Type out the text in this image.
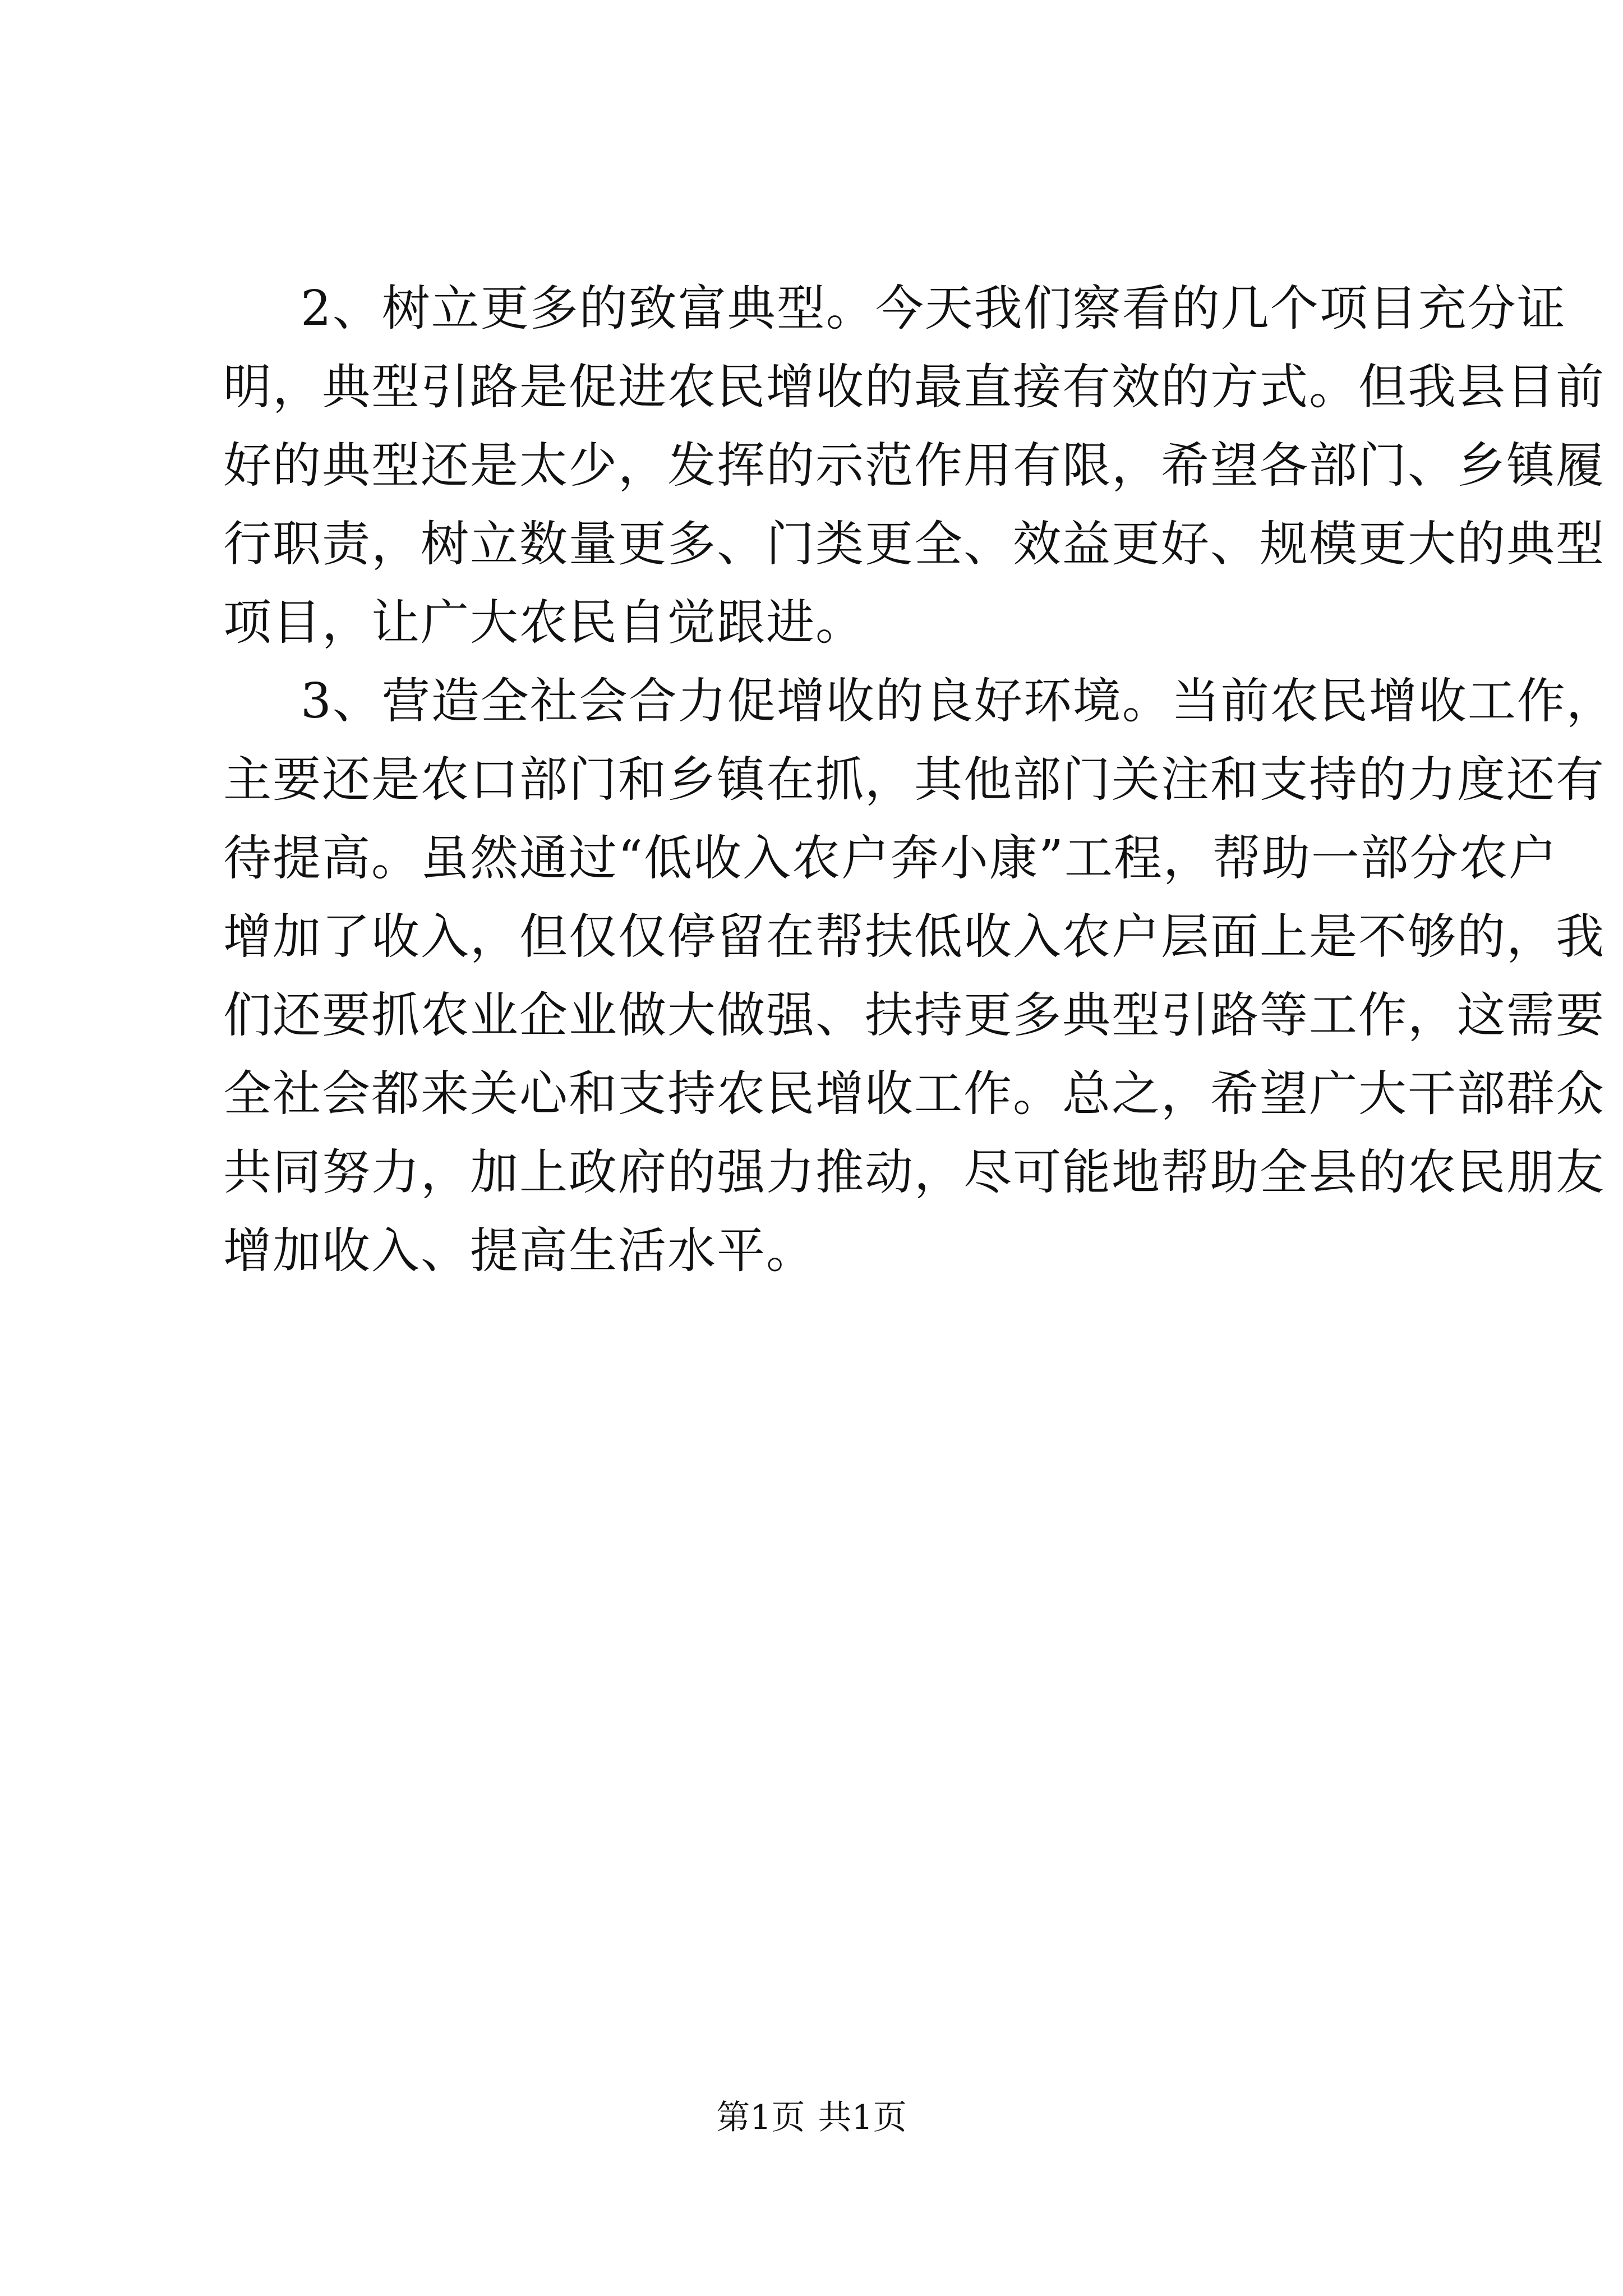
2、树立更多的致富典型。今天我们察看的几个项目充分证
明，典型引路是促进农民增收的最直接有效的方式。但我县目前
好的典型还是太少，发挥的示范作用有限，希望各部门、乡镇履
行职责，树立数量更多、门类更全、效益更好、规模更大的典型
项目，让广大农民自觉跟进。
3、营造全社会合力促增收的良好环境。当前农民增收工作，
主要还是农口部门和乡镇在抓，其他部门关注和支持的力度还有
待提高。虽然通过“低收入农户奔小康”工程，帮助一部分农户
增加了收入，但仅仅停留在帮扶低收入农户层面上是不够的，我
们还要抓农业企业做大做强、扶持更多典型引路等工作，这需要
全社会都来关心和支持农民增收工作。总之，希望广大干部群众
共同努力，加上政府的强力推动，尽可能地帮助全县的农民朋友
增加收入、提高生活水平。
第1页 共1页
